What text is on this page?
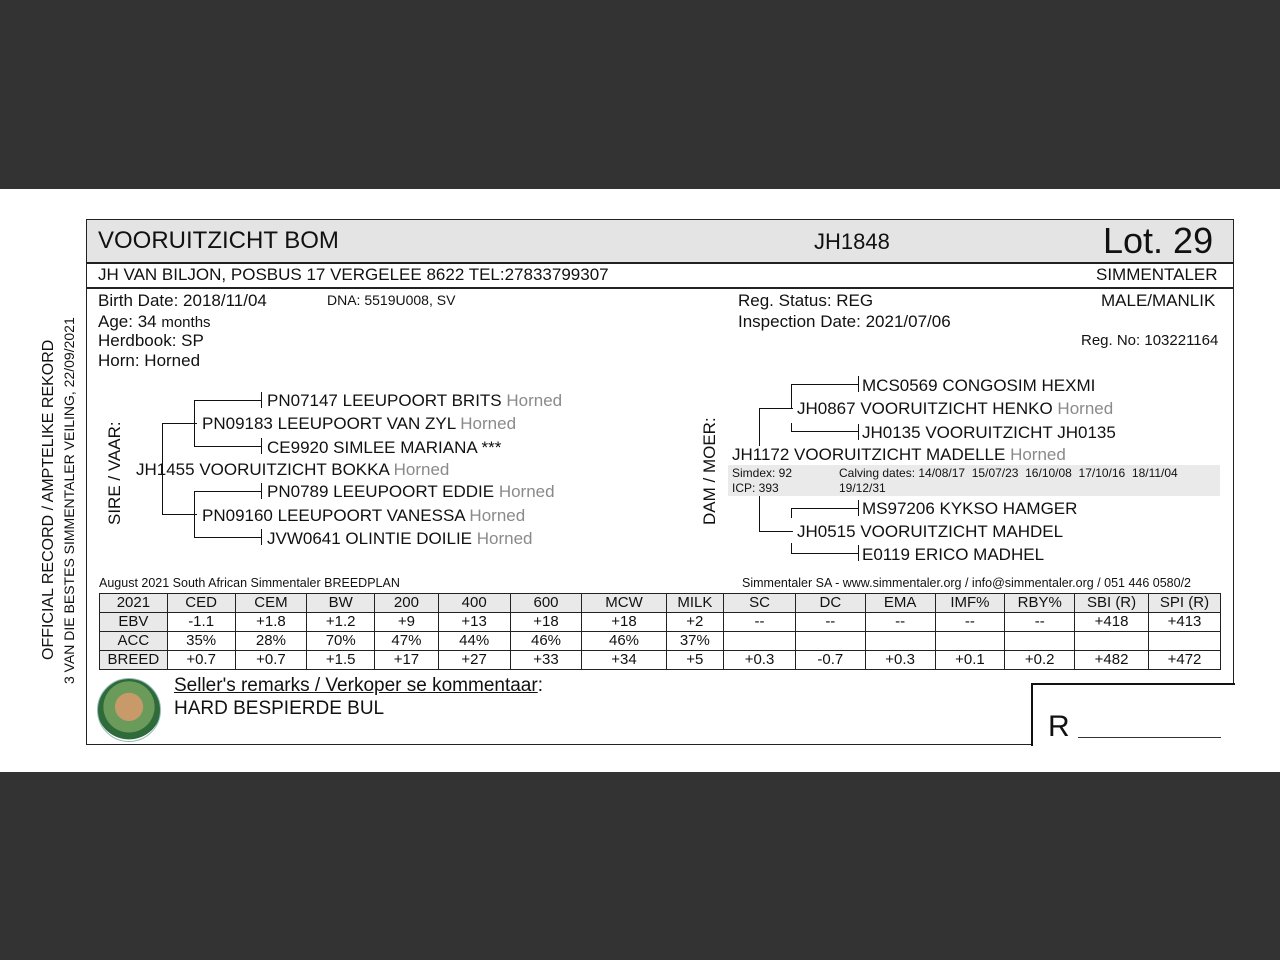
OFFICIAL RECORD / AMPTELIKE REKORD 3 VAN DIE BESTES SIMMENTALER VEILING, 22/09/2021
VOORUITZICHT BOM	JH1848	Lot. 29
JH VAN BILJON, POSBUS 17 VERGELEE 8622 TEL:27833799307	SIMMENTALER
Birth Date: 2018/11/04	DNA: 5519U008, SV
Age: 34 months
Herdbook: SP
Horn: Horned
Reg. Status: REG
Inspection Date: 2021/07/06
MALE/MANLIK
Reg. No: 103221164
SIRE / VAAR:
PN07147 LEEUPOORT BRITS Horned
PN09183 LEEUPOORT VAN ZYL Horned
CE9920 SIMLEE MARIANA ***
JH1455 VOORUITZICHT BOKKA Horned
PN0789 LEEUPOORT EDDIE Horned
PN09160 LEEUPOORT VANESSA Horned
JVW0641 OLINTIE DOILIE Horned
DAM / MOER:
MCS0569 CONGOSIM HEXMI
JH0867 VOORUITZICHT HENKO Horned
JH0135 VOORUITZICHT JH0135
JH1172 VOORUITZICHT MADELLE Horned
Simdex: 92
ICP: 393
Calving dates: 14/08/17  15/07/23  16/10/08  17/10/16  18/11/04
19/12/31
MS97206 KYKSO HAMGER
JH0515 VOORUITZICHT MAHDEL
E0119 ERICO MADHEL
August 2021 South African Simmentaler BREEDPLAN	Simmentaler SA - www.simmentaler.org / info@simmentaler.org / 051 446 0580/2
2021	CED	CEM	BW	200	400	600	MCW	MILK	SC	DC	EMA	IMF%	RBY%	SBI (R)	SPI (R)
EBV	-1.1	+1.8	+1.2	+9	+13	+18	+18	+2	--	--	--	--	--	+418	+413
ACC	35%	28%	70%	47%	44%	46%	46%	37%							
BREED	+0.7	+0.7	+1.5	+17	+27	+33	+34	+5	+0.3	-0.7	+0.3	+0.1	+0.2	+482	+472
Seller's remarks / Verkoper se kommentaar:
HARD BESPIERDE BUL
R
